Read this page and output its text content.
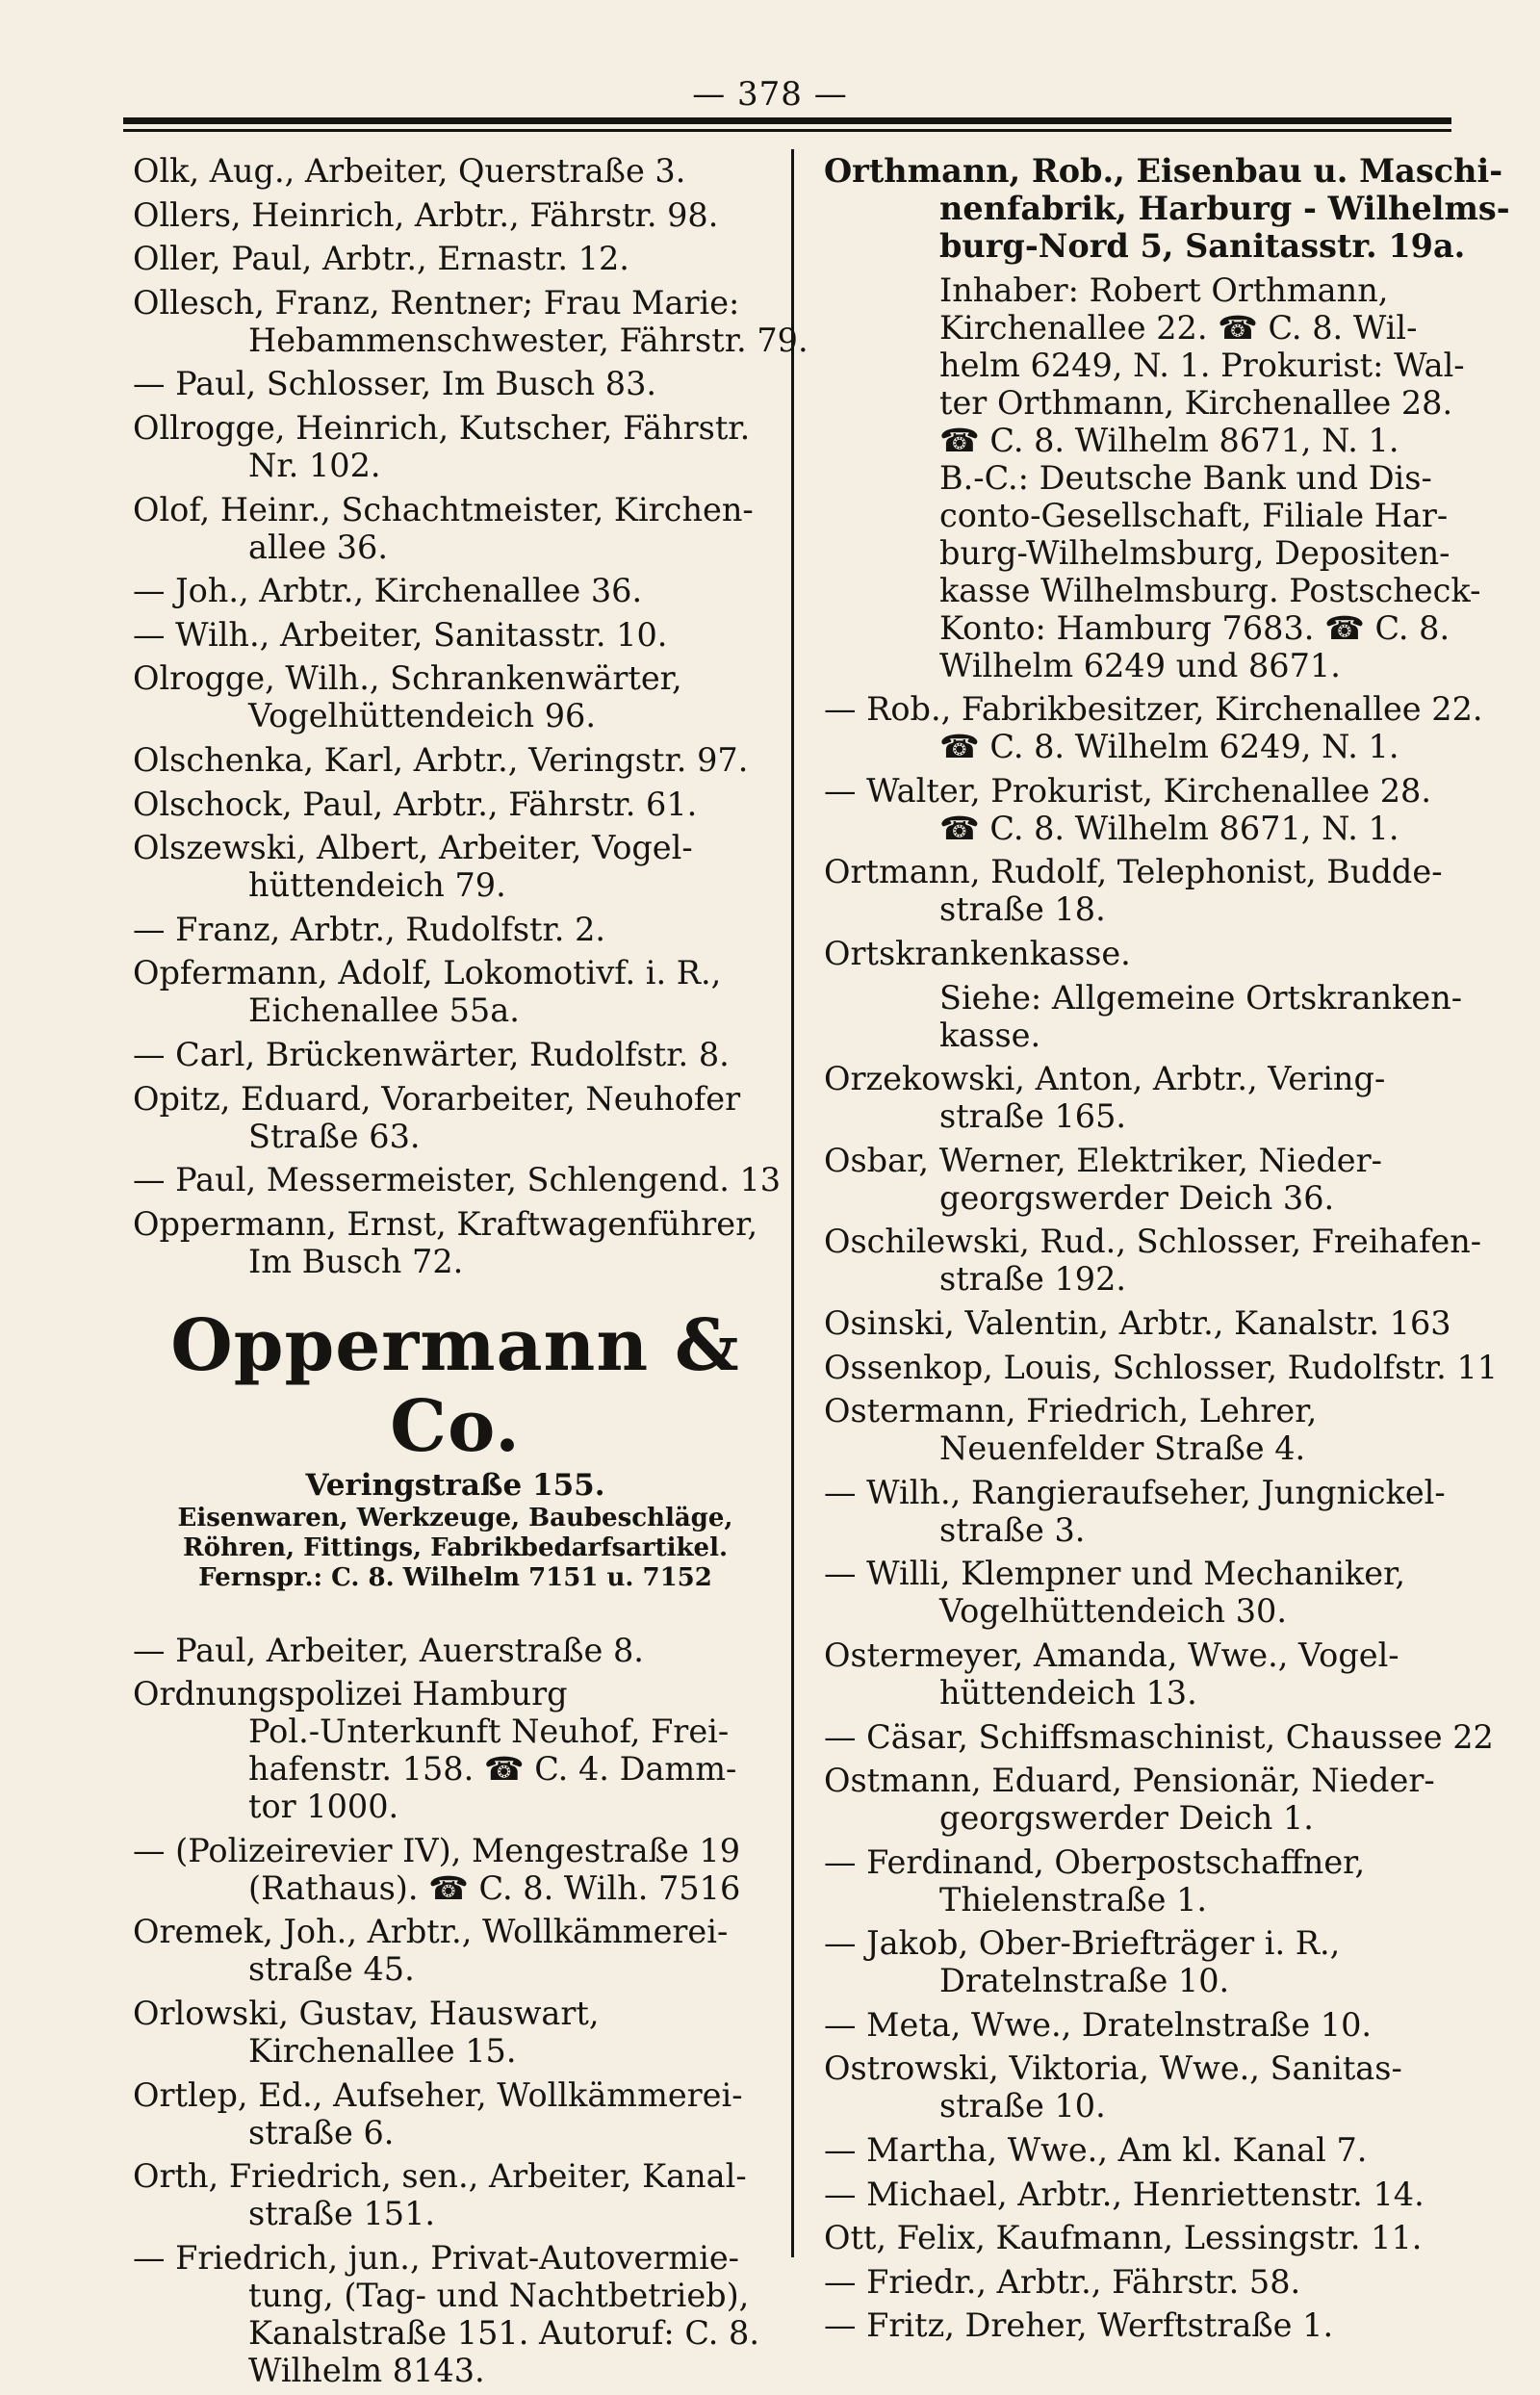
— 378 —
Olk, Aug., Arbeiter, Querstraße 3.
Ollers, Heinrich, Arbtr., Fährstr. 98.
Oller, Paul, Arbtr., Ernastr. 12.
Ollesch, Franz, Rentner; Frau Marie:
Hebammenschwester, Fährstr. 79.
— Paul, Schlosser, Im Busch 83.
Ollrogge, Heinrich, Kutscher, Fährstr.
Nr. 102.
Olof, Heinr., Schachtmeister, Kirchen-
allee 36.
— Joh., Arbtr., Kirchenallee 36.
— Wilh., Arbeiter, Sanitasstr. 10.
Olrogge, Wilh., Schrankenwärter,
Vogelhüttendeich 96.
Olschenka, Karl, Arbtr., Veringstr. 97.
Olschock, Paul, Arbtr., Fährstr. 61.
Olszewski, Albert, Arbeiter, Vogel-
hüttendeich 79.
— Franz, Arbtr., Rudolfstr. 2.
Opfermann, Adolf, Lokomotivf. i. R.,
Eichenallee 55a.
— Carl, Brückenwärter, Rudolfstr. 8.
Opitz, Eduard, Vorarbeiter, Neuhofer
Straße 63.
— Paul, Messermeister, Schlengend. 13
Oppermann, Ernst, Kraftwagenführer,
Im Busch 72.
Oppermann & Co.
Veringstraße 155.
Eisenwaren, Werkzeuge, Baubeschläge,
Röhren, Fittings, Fabrikbedarfsartikel.
Fernspr.: C. 8. Wilhelm 7151 u. 7152
— Paul, Arbeiter, Auerstraße 8.
Ordnungspolizei Hamburg
Pol.-Unterkunft Neuhof, Frei-
hafenstr. 158. ☎ C. 4. Damm-
tor 1000.
— (Polizeirevier IV), Mengestraße 19
(Rathaus). ☎ C. 8. Wilh. 7516
Oremek, Joh., Arbtr., Wollkämmerei-
straße 45.
Orlowski, Gustav, Hauswart,
Kirchenallee 15.
Ortlep, Ed., Aufseher, Wollkämmerei-
straße 6.
Orth, Friedrich, sen., Arbeiter, Kanal-
straße 151.
— Friedrich, jun., Privat-Autovermie-
tung, (Tag- und Nachtbetrieb),
Kanalstraße 151. Autoruf: C. 8.
Wilhelm 8143.
Orthmann, Rob., Eisenbau u. Maschi-
nenfabrik, Harburg - Wilhelms-
burg-Nord 5, Sanitasstr. 19a.
Inhaber: Robert Orthmann,
Kirchenallee 22. ☎ C. 8. Wil-
helm 6249, N. 1. Prokurist: Wal-
ter Orthmann, Kirchenallee 28.
☎ C. 8. Wilhelm 8671, N. 1.
B.-C.: Deutsche Bank und Dis-
conto-Gesellschaft, Filiale Har-
burg-Wilhelmsburg, Depositen-
kasse Wilhelmsburg. Postscheck-
Konto: Hamburg 7683. ☎ C. 8.
Wilhelm 6249 und 8671.
— Rob., Fabrikbesitzer, Kirchenallee 22.
☎ C. 8. Wilhelm 6249, N. 1.
— Walter, Prokurist, Kirchenallee 28.
☎ C. 8. Wilhelm 8671, N. 1.
Ortmann, Rudolf, Telephonist, Budde-
straße 18.
Ortskrankenkasse.
Siehe: Allgemeine Ortskranken-
kasse.
Orzekowski, Anton, Arbtr., Vering-
straße 165.
Osbar, Werner, Elektriker, Nieder-
georgswerder Deich 36.
Oschilewski, Rud., Schlosser, Freihafen-
straße 192.
Osinski, Valentin, Arbtr., Kanalstr. 163
Ossenkop, Louis, Schlosser, Rudolfstr. 11
Ostermann, Friedrich, Lehrer,
Neuenfelder Straße 4.
— Wilh., Rangieraufseher, Jungnickel-
straße 3.
— Willi, Klempner und Mechaniker,
Vogelhüttendeich 30.
Ostermeyer, Amanda, Wwe., Vogel-
hüttendeich 13.
— Cäsar, Schiffsmaschinist, Chaussee 22
Ostmann, Eduard, Pensionär, Nieder-
georgswerder Deich 1.
— Ferdinand, Oberpostschaffner,
Thielenstraße 1.
— Jakob, Ober-Briefträger i. R.,
Dratelnstraße 10.
— Meta, Wwe., Dratelnstraße 10.
Ostrowski, Viktoria, Wwe., Sanitas-
straße 10.
— Martha, Wwe., Am kl. Kanal 7.
— Michael, Arbtr., Henriettenstr. 14.
Ott, Felix, Kaufmann, Lessingstr. 11.
— Friedr., Arbtr., Fährstr. 58.
— Fritz, Dreher, Werftstraße 1.
